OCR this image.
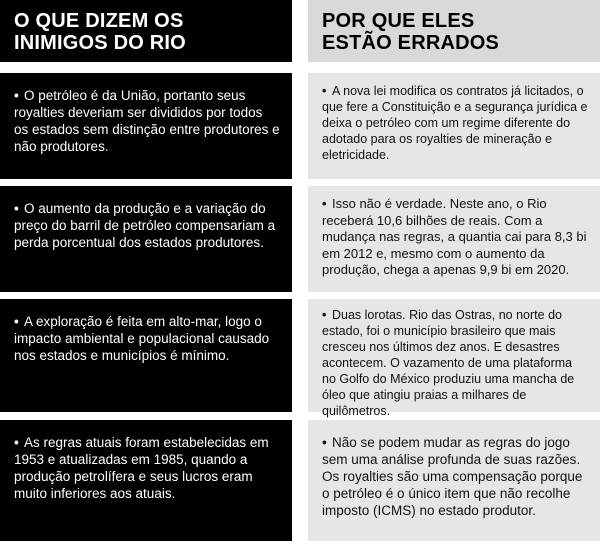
O QUE DIZEM OS
INIMIGOS DO RIO
• O petróleo é da União, portanto seus royalties deveriam ser divididos por todos os estados sem distinção entre produtores e não produtores.
• O aumento da produção e a variação do preço do barril de petróleo compensariam a perda porcentual dos estados produtores.
• A exploração é feita em alto-mar, logo o impacto ambiental e populacional causado nos estados e municípios é mínimo.
• As regras atuais foram estabelecidas em 1953 e atualizadas em 1985, quando a produção petrolífera e seus lucros eram muito inferiores aos atuais.
POR QUE ELES
ESTÃO ERRADOS
• A nova lei modifica os contratos já licitados, o que fere a Constituição e a segurança jurídica e deixa o petróleo com um regime diferente do adotado para os royalties de mineração e eletricidade.
• Isso não é verdade. Neste ano, o Rio receberá 10,6 bilhões de reais. Com a mudança nas regras, a quantia cai para 8,3 bi em 2012 e, mesmo com o aumento da produção, chega a apenas 9,9 bi em 2020.
• Duas lorotas. Rio das Ostras, no norte do estado, foi o município brasileiro que mais cresceu nos últimos dez anos. E desastres acontecem. O vazamento de uma plataforma no Golfo do México produziu uma mancha de óleo que atingiu praias a milhares de quilômetros.
• Não se podem mudar as regras do jogo sem uma análise profunda de suas razões. Os royalties são uma compensação porque o petróleo é o único item que não recolhe imposto (ICMS) no estado produtor.
